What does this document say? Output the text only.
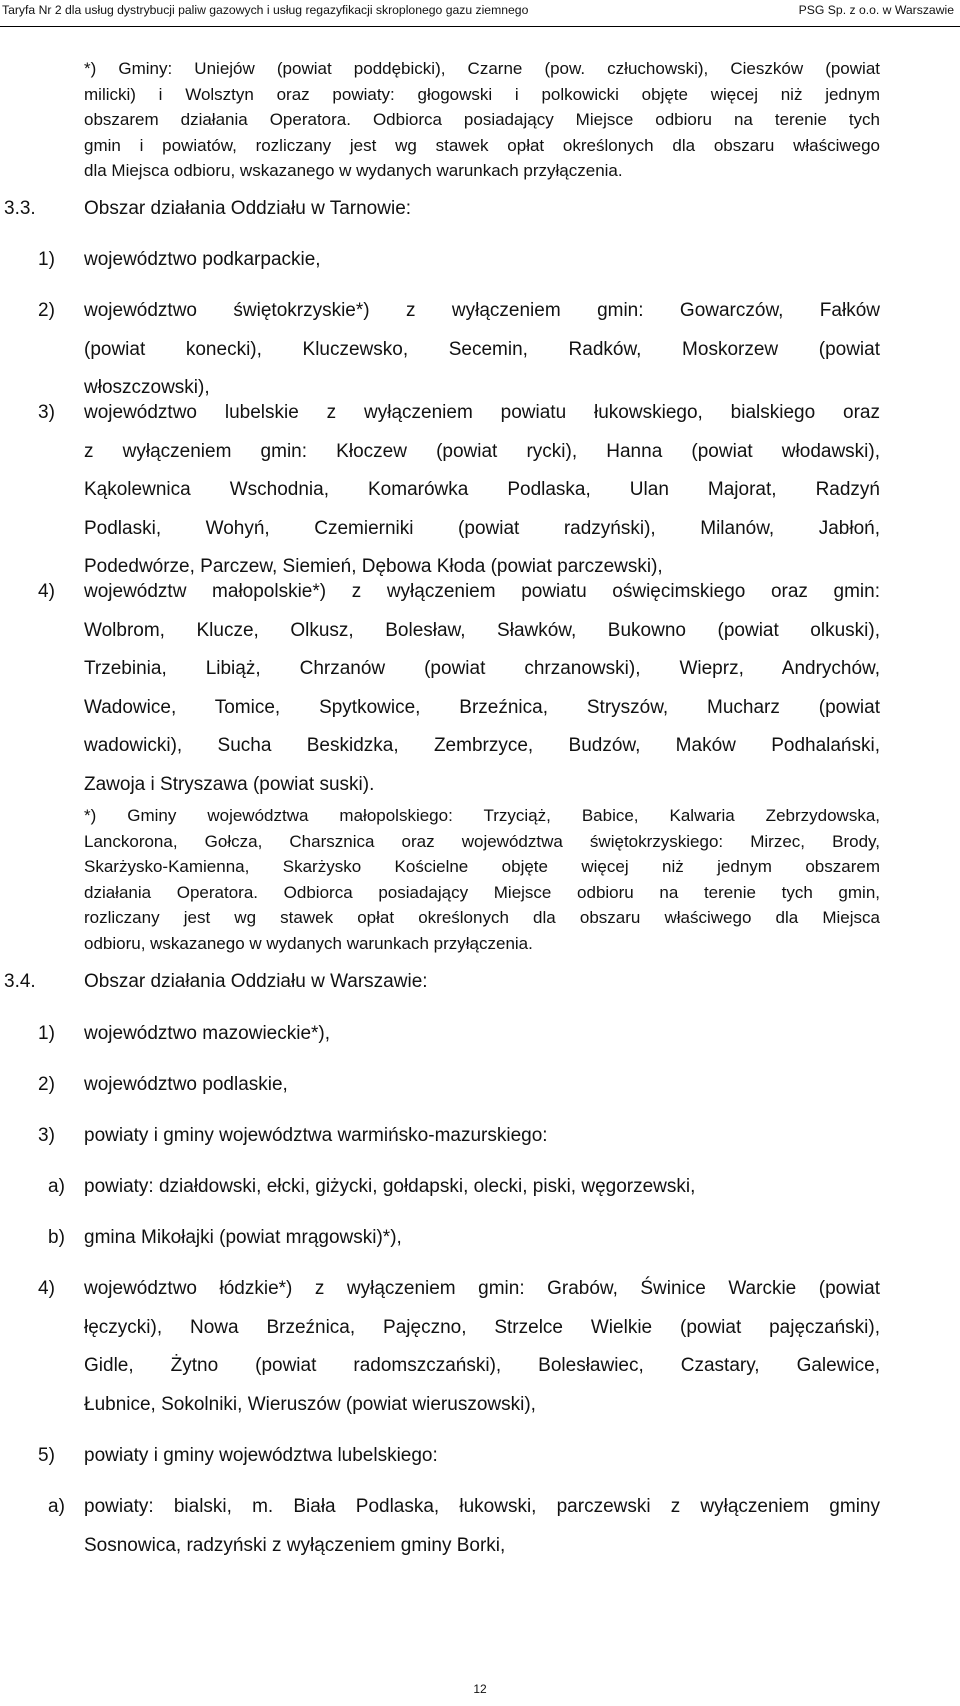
Taryfa Nr 2 dla usług dystrybucji paliw gazowych i usług regazyfikacji skroplonego gazu ziemnego	PSG Sp. z o.o. w Warszawie
*) Gminy: Uniejów (powiat poddębicki), Czarne (pow. człuchowski), Cieszków (powiat
milicki) i Wolsztyn oraz powiaty: głogowski i polkowicki objęte więcej niż jednym
obszarem działania Operatora. Odbiorca posiadający Miejsce odbioru na terenie tych
gmin i powiatów, rozliczany jest wg stawek opłat określonych dla obszaru właściwego
dla Miejsca odbioru, wskazanego w wydanych warunkach przyłączenia.
3.3.	Obszar działania Oddziału w Tarnowie:
1) województwo podkarpackie,
2) województwo świętokrzyskie*) z wyłączeniem gmin: Gowarczów, Fałków
(powiat konecki), Kluczewsko, Secemin, Radków, Moskorzew (powiat
włoszczowski),
3) województwo lubelskie z wyłączeniem powiatu łukowskiego, bialskiego oraz
z wyłączeniem gmin: Kłoczew (powiat rycki), Hanna (powiat włodawski),
Kąkolewnica Wschodnia, Komarówka Podlaska, Ulan Majorat, Radzyń
Podlaski, Wohyń, Czemierniki (powiat radzyński), Milanów, Jabłoń,
Podedwórze, Parczew, Siemień, Dębowa Kłoda (powiat parczewski),
4) województw małopolskie*) z wyłączeniem powiatu oświęcimskiego oraz gmin:
Wolbrom, Klucze, Olkusz, Bolesław, Sławków, Bukowno (powiat olkuski),
Trzebinia, Libiąż, Chrzanów (powiat chrzanowski), Wieprz, Andrychów,
Wadowice, Tomice, Spytkowice, Brzeźnica, Stryszów, Mucharz (powiat
wadowicki), Sucha Beskidzka, Zembrzyce, Budzów, Maków Podhalański,
Zawoja i Stryszawa (powiat suski).
*) Gminy województwa małopolskiego: Trzyciąż, Babice, Kalwaria Zebrzydowska,
Lanckorona, Gołcza, Charsznica oraz województwa świętokrzyskiego: Mirzec, Brody,
Skarżysko-Kamienna, Skarżysko Kościelne objęte więcej niż jednym obszarem
działania Operatora. Odbiorca posiadający Miejsce odbioru na terenie tych gmin,
rozliczany jest wg stawek opłat określonych dla obszaru właściwego dla Miejsca
odbioru, wskazanego w wydanych warunkach przyłączenia.
3.4.	Obszar działania Oddziału w Warszawie:
1) województwo mazowieckie*),
2) województwo podlaskie,
3) powiaty i gminy województwa warmińsko-mazurskiego:
a) powiaty: działdowski, ełcki, giżycki, gołdapski, olecki, piski, węgorzewski,
b) gmina Mikołajki (powiat mrągowski)*),
4) województwo łódzkie*) z wyłączeniem gmin: Grabów, Świnice Warckie (powiat
łęczycki), Nowa Brzeźnica, Pajęczno, Strzelce Wielkie (powiat pajęczański),
Gidle, Żytno (powiat radomszczański), Bolesławiec, Czastary, Galewice,
Łubnice, Sokolniki, Wieruszów (powiat wieruszowski),
5) powiaty i gminy województwa lubelskiego:
a) powiaty: bialski, m. Biała Podlaska, łukowski, parczewski z wyłączeniem gminy
Sosnowica, radzyński z wyłączeniem gminy Borki,
12
